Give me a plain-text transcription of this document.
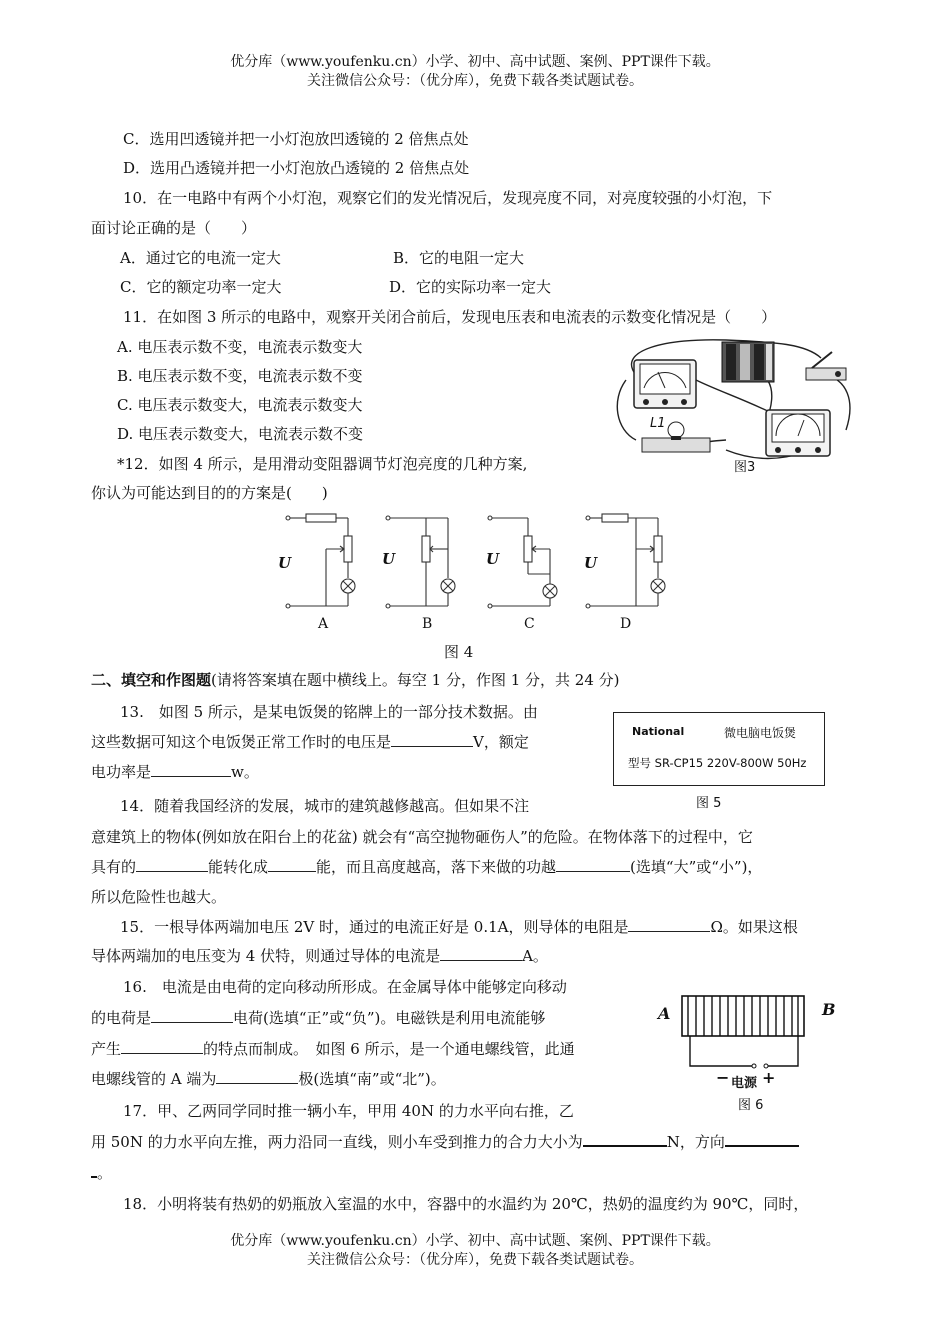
优分库（www.youfenku.cn）小学、初中、高中试题、案例、PPT课件下载。
关注微信公众号：（优分库），免费下载各类试题试卷。
C．选用凹透镜并把一小灯泡放凹透镜的 2 倍焦点处
D．选用凸透镜并把一小灯泡放凸透镜的 2 倍焦点处
10．在一电路中有两个小灯泡，观察它们的发光情况后，发现亮度不同，对亮度较强的小灯泡，下
面讨论正确的是（　　）
A．通过它的电流一定大	B．它的电阻一定大
C．它的额定功率一定大	D．它的实际功率一定大
11．在如图 3 所示的电路中，观察开关闭合前后，发现电压表和电流表的示数变化情况是（　　）
A. 电压表示数不变，电流表示数变大
B. 电压表示数不变，电流表示数不变
C. 电压表示数变大，电流表示数变大
D. 电压表示数变大，电流表示数不变
L1
图3
*12．如图 4 所示，是用滑动变阻器调节灯泡亮度的几种方案,
你认为可能达到目的的方案是(　　)
U	U	U	U
A	B	C	D
图 4
二、填空和作图题(请将答案填在题中横线上。每空 1 分，作图 1 分，共 24 分)
13.　如图 5 所示，是某电饭煲的铭牌上的一部分技术数据。由
这些数据可知这个电饭煲正常工作时的电压是	V，额定
电功率是	w。
National	微电脑电饭煲
型号 SR-CP15 220V-800W 50Hz
图 5
14．随着我国经济的发展，城市的建筑越修越高。但如果不注
意建筑上的物体(例如放在阳台上的花盆) 就会有“高空抛物砸伤人”的危险。在物体落下的过程中，它
具有的	能转化成	能，而且高度越高，落下来做的功越	(选填“大”或“小”)，
所以危险性也越大。
15．一根导体两端加电压 2V 时，通过的电流正好是 0.1A，则导体的电阻是	Ω。如果这根
导体两端加的电压变为 4 伏特，则通过导体的电流是	A。
16.　电流是由电荷的定向移动所形成。在金属导体中能够定向移动
的电荷是	电荷(选填“正”或“负”)。电磁铁是利用电流能够
产生	的特点而制成。　如图 6 所示，是一个通电螺线管，此通
电螺线管的 A 端为	极(选填“南”或“北”)。
A	B
− 电源 +
图 6
17．甲、乙两同学同时推一辆小车，甲用 40N 的力水平向右推，乙
用 50N 的力水平向左推，两力沿同一直线，则小车受到推力的合力大小为	N，方向
。
18．小明将装有热奶的奶瓶放入室温的水中，容器中的水温约为 20℃，热奶的温度约为 90℃，同时，
优分库（www.youfenku.cn）小学、初中、高中试题、案例、PPT课件下载。
关注微信公众号：（优分库），免费下载各类试题试卷。
